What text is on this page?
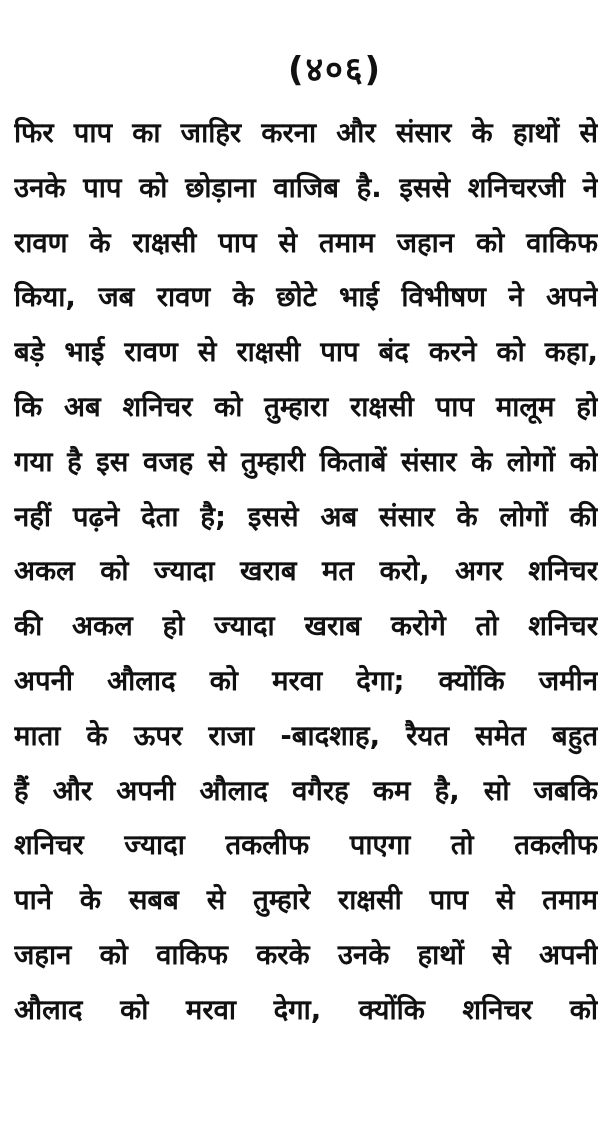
(४०६)
फिर पाप का जाहिर करना और संसार के हाथों से
उनके पाप को छोड़ाना वाजिब है. इससे शनिचरजी ने
रावण के राक्षसी पाप से तमाम जहान को वाकिफ
किया, जब रावण के छोटे भाई विभीषण ने अपने
बड़े भाई रावण से राक्षसी पाप बंद करने को कहा,
कि अब शनिचर को तुम्हारा राक्षसी पाप मालूम हो
गया है इस वजह से तुम्हारी किताबें संसार के लोगों को
नहीं पढ़ने देता है; इससे अब संसार के लोगों की
अकल को ज्यादा खराब मत करो, अगर शनिचर
की अकल हो ज्यादा खराब करोगे तो शनिचर
अपनी औलाद को मरवा देगा; क्योंकि जमीन
माता के ऊपर राजा -बादशाह, रैयत समेत बहुत
हैं और अपनी औलाद वगैरह कम है, सो जबकि
शनिचर ज्यादा तकलीफ पाएगा तो तकलीफ
पाने के सबब से तुम्हारे राक्षसी पाप से तमाम
जहान को वाकिफ करके उनके हाथों से अपनी
औलाद को मरवा देगा, क्योंकि शनिचर को
